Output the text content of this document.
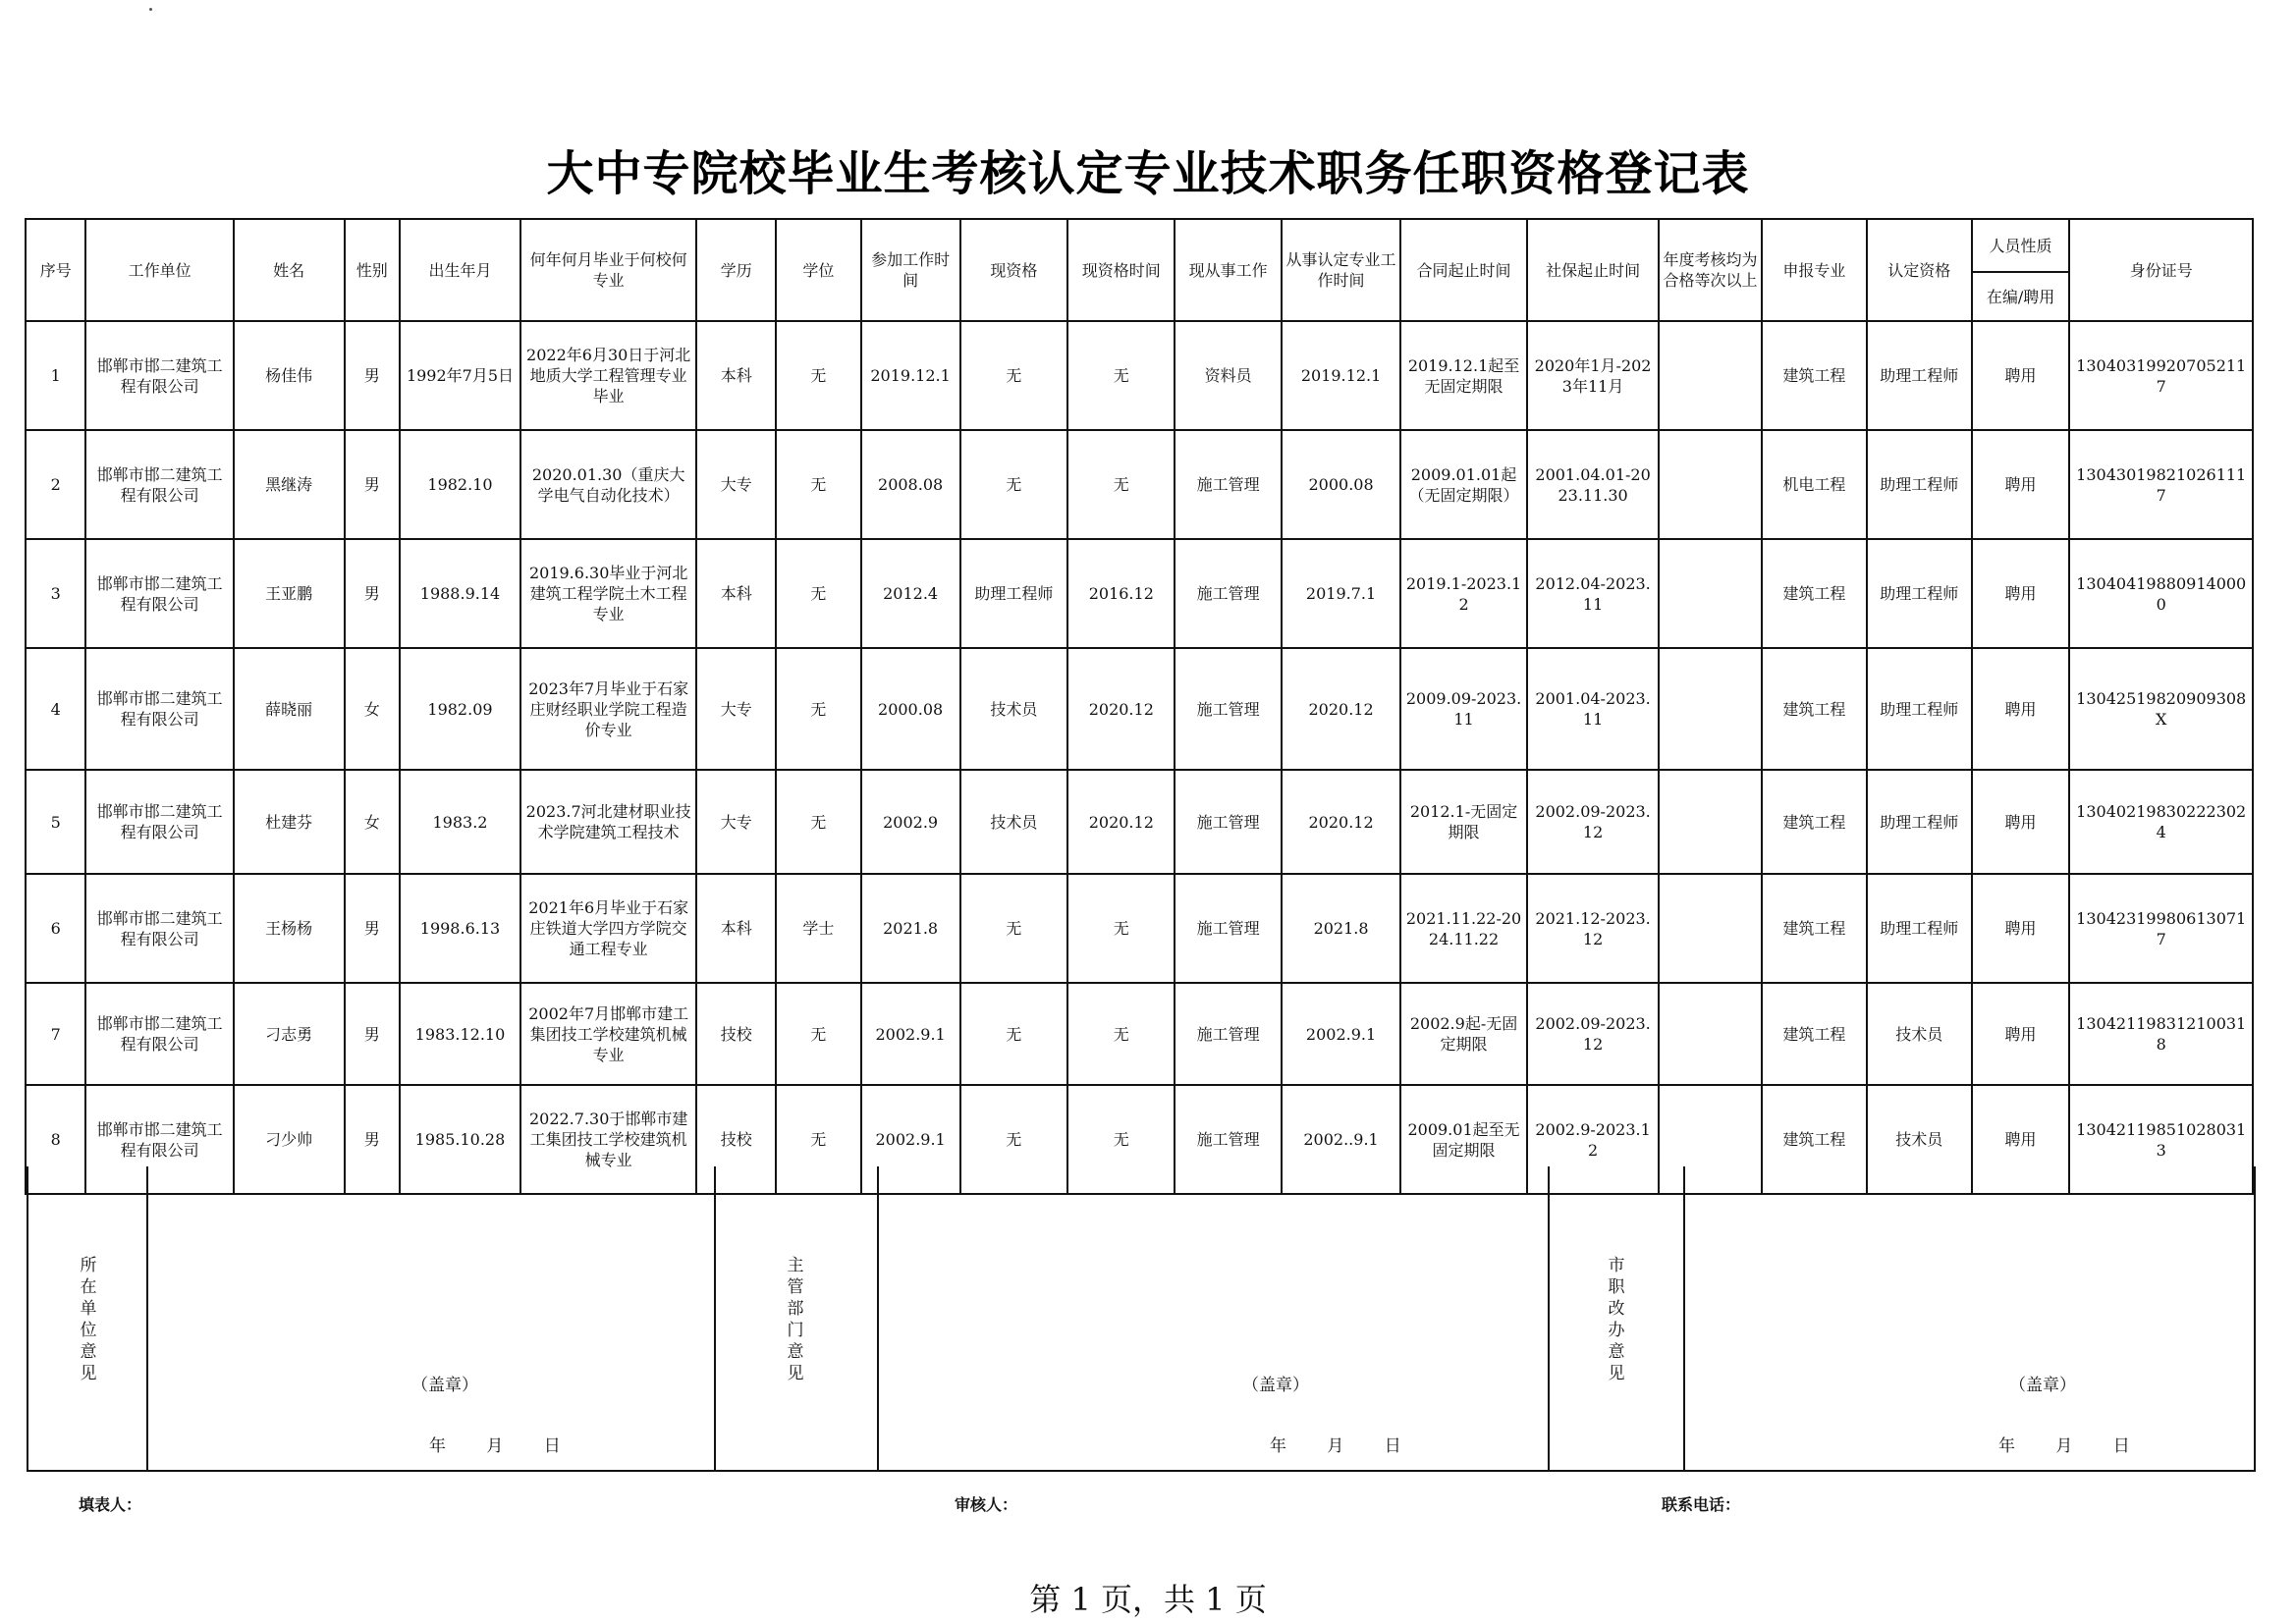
大中专院校毕业生考核认定专业技术职务任职资格登记表
序号	工作单位	姓名	性别	出生年月	何年何月毕业于何校何专业	学历	学位	参加工作时间	现资格	现资格时间	现从事工作	从事认定专业工作时间	合同起止时间	社保起止时间	年度考核均为合格等次以上	申报专业	认定资格	人员性质	身份证号
																		在编/聘用	
1	邯郸市邯二建筑工程有限公司	杨佳伟	男	1992年7月5日	2022年6月30日于河北地质大学工程管理专业毕业	本科	无	2019.12.1	无	无	资料员	2019.12.1	2019.12.1起至无固定期限	2020年1月-2023年11月		建筑工程	助理工程师	聘用	130403199207052117
2	邯郸市邯二建筑工程有限公司	黑继涛	男	1982.10	2020.01.30（重庆大学电气自动化技术）	大专	无	2008.08	无	无	施工管理	2000.08	2009.01.01起（无固定期限）	2001.04.01-2023.11.30		机电工程	助理工程师	聘用	130430198210261117
3	邯郸市邯二建筑工程有限公司	王亚鹏	男	1988.9.14	2019.6.30毕业于河北建筑工程学院土木工程专业	本科	无	2012.4	助理工程师	2016.12	施工管理	2019.7.1	2019.1-2023.12	2012.04-2023.11		建筑工程	助理工程师	聘用	130404198809140000
4	邯郸市邯二建筑工程有限公司	薛晓丽	女	1982.09	2023年7月毕业于石家庄财经职业学院工程造价专业	大专	无	2000.08	技术员	2020.12	施工管理	2020.12	2009.09-2023.11	2001.04-2023.11		建筑工程	助理工程师	聘用	13042519820909308X
5	邯郸市邯二建筑工程有限公司	杜建芬	女	1983.2	2023.7河北建材职业技术学院建筑工程技术	大专	无	2002.9	技术员	2020.12	施工管理	2020.12	2012.1-无固定期限	2002.09-2023.12		建筑工程	助理工程师	聘用	130402198302223024
6	邯郸市邯二建筑工程有限公司	王杨杨	男	1998.6.13	2021年6月毕业于石家庄铁道大学四方学院交通工程专业	本科	学士	2021.8	无	无	施工管理	2021.8	2021.11.22-2024.11.22	2021.12-2023.12		建筑工程	助理工程师	聘用	130423199806130717
7	邯郸市邯二建筑工程有限公司	刁志勇	男	1983.12.10	2002年7月邯郸市建工集团技工学校建筑机械专业	技校	无	2002.9.1	无	无	施工管理	2002.9.1	2002.9起-无固定期限	2002.09-2023.12		建筑工程	技术员	聘用	130421198312100318
8	邯郸市邯二建筑工程有限公司	刁少帅	男	1985.10.28	2022.7.30于邯郸市建工集团技工学校建筑机械专业	技校	无	2002.9.1	无	无	施工管理	2002..9.1	2009.01起至无固定期限	2002.9-2023.12		建筑工程	技术员	聘用	130421198510280313
所在单位意见
（盖章）
年 月 日
主管部门意见
（盖章）
年 月 日
市职改办意见
（盖章）
年 月 日
填表人：	审核人：	联系电话：
第 1 页，共 1 页
